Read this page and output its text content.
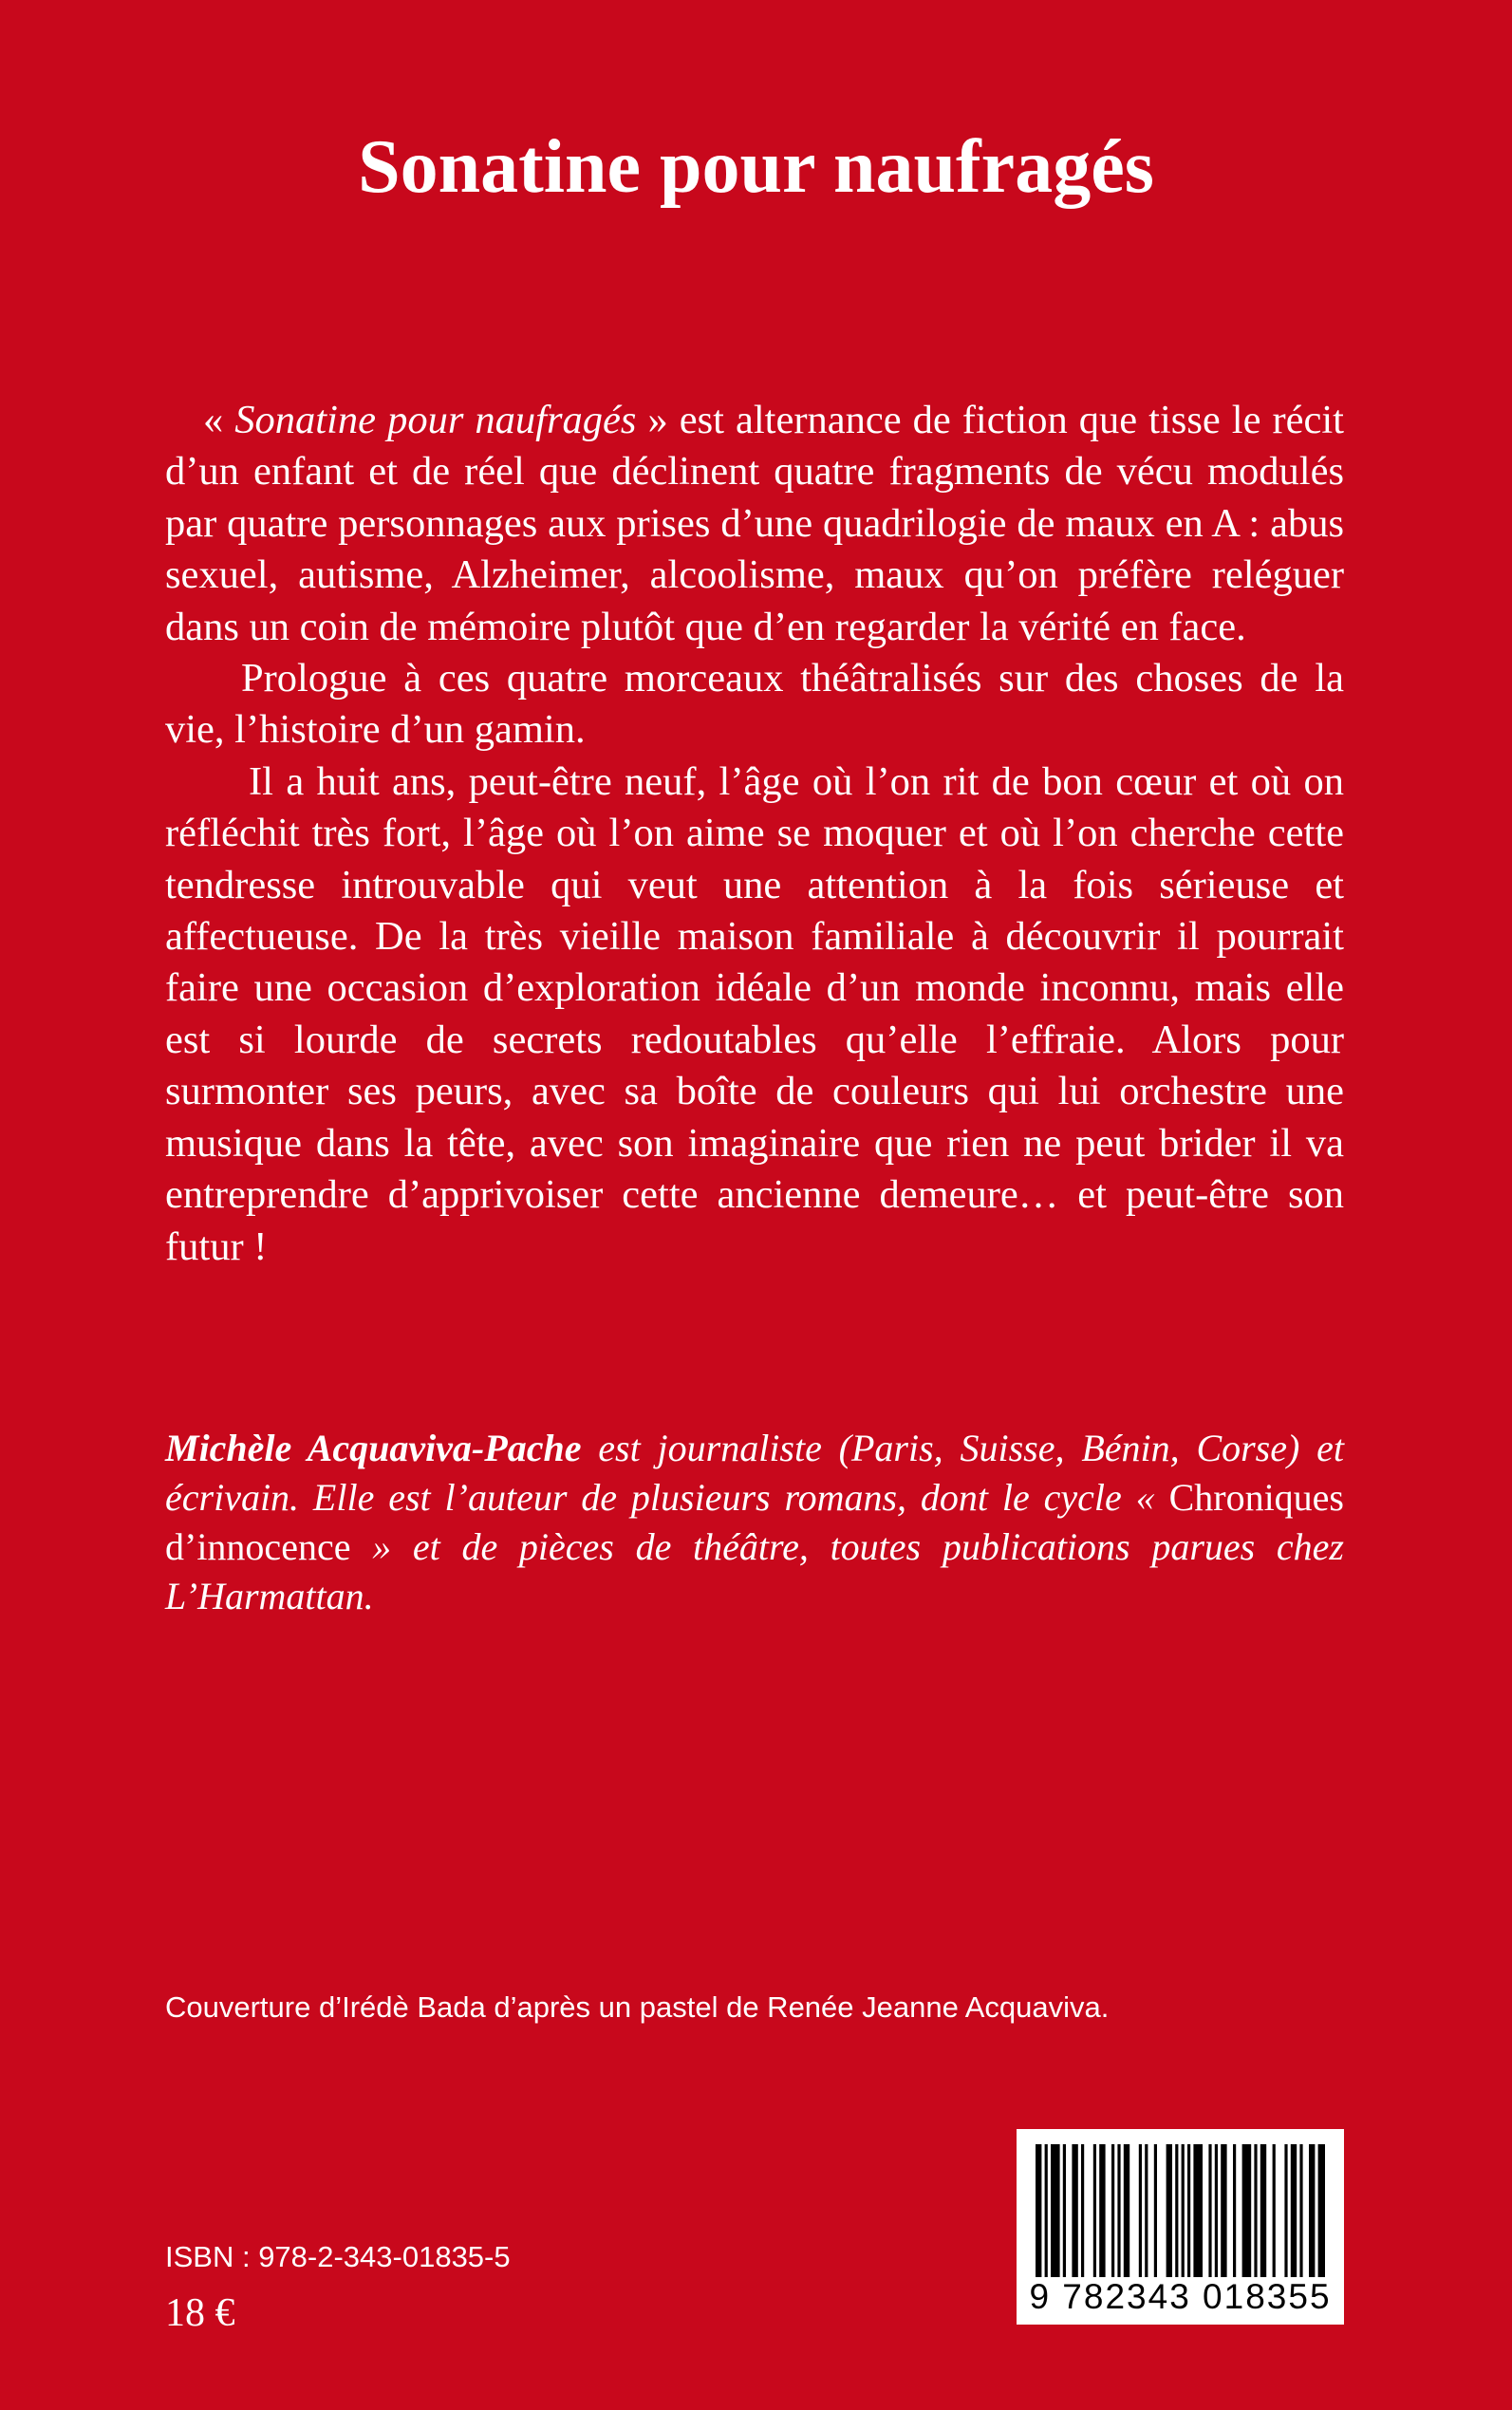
Sonatine pour naufragés

« Sonatine pour naufragés » est alternance de fiction que tisse le récit d’un enfant et de réel que déclinent quatre fragments de vécu modulés par quatre personnages aux prises d’une quadrilogie de maux en A : abus sexuel, autisme, Alzheimer, alcoolisme, maux qu’on préfère reléguer dans un coin de mémoire plutôt que d’en regarder la vérité en face.

Prologue à ces quatre morceaux théâtralisés sur des choses de la vie, l’histoire d’un gamin.

Il a huit ans, peut-être neuf, l’âge où l’on rit de bon cœur et où on réfléchit très fort, l’âge où l’on aime se moquer et où l’on cherche cette tendresse introuvable qui veut une attention à la fois sérieuse et affectueuse. De la très vieille maison familiale à découvrir il pourrait faire une occasion d’exploration idéale d’un monde inconnu, mais elle est si lourde de secrets redoutables qu’elle l’effraie. Alors pour surmonter ses peurs, avec sa boîte de couleurs qui lui orchestre une musique dans la tête, avec son imaginaire que rien ne peut brider il va entreprendre d’apprivoiser cette ancienne demeure… et peut-être son futur !

Michèle Acquaviva-Pache est journaliste (Paris, Suisse, Bénin, Corse) et écrivain. Elle est l’auteur de plusieurs romans, dont le cycle « Chroniques d’innocence » et de pièces de théâtre, toutes publications parues chez L’Harmattan.

Couverture d’Irédè Bada d’après un pastel de Renée Jeanne Acquaviva.

ISBN : 978-2-343-01835-5

18 €	9 782343 018355
